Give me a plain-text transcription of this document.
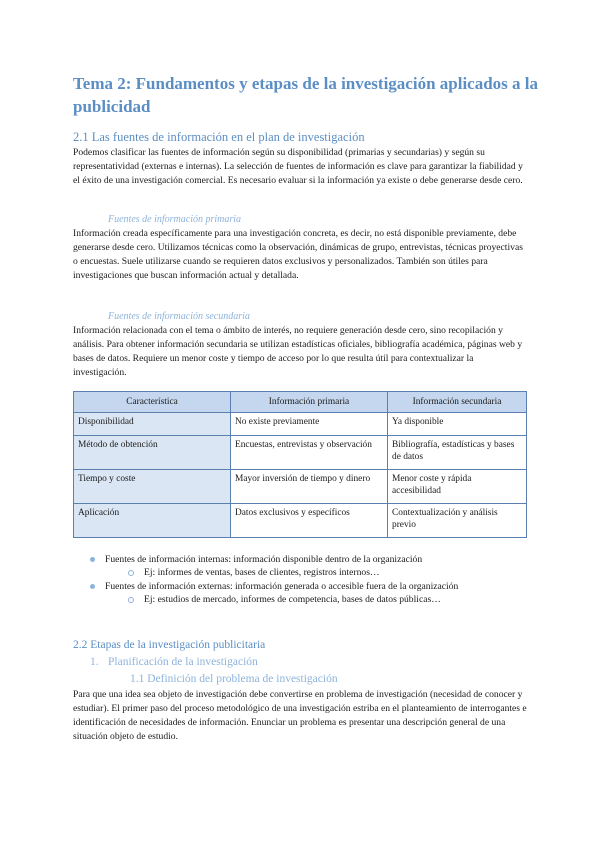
Tema 2: Fundamentos y etapas de la investigación aplicados a la publicidad
2.1 Las fuentes de información en el plan de investigación
Podemos clasificar las fuentes de información según su disponibilidad (primarias y secundarias) y según su representatividad (externas e internas). La selección de fuentes de información es clave para garantizar la fiabilidad y el éxito de una investigación comercial. Es necesario evaluar si la información ya existe o debe generarse desde cero.
Fuentes de información primaria
Información creada específicamente para una investigación concreta, es decir, no está disponible previamente, debe generarse desde cero. Utilizamos técnicas como la observación, dinámicas de grupo, entrevistas, técnicas proyectivas o encuestas. Suele utilizarse cuando se requieren datos exclusivos y personalizados. También son útiles para investigaciones que buscan información actual y detallada.
Fuentes de información secundaria
Información relacionada con el tema o ámbito de interés, no requiere generación desde cero, sino recopilación y análisis. Para obtener información secundaria se utilizan estadísticas oficiales, bibliografía académica, páginas web y bases de datos. Requiere un menor coste y tiempo de acceso por lo que resulta útil para contextualizar la investigación.
Característica	Información primaria	Información secundaria
Disponibilidad	No existe previamente	Ya disponible
Método de obtención	Encuestas, entrevistas y observación	Bibliografía, estadísticas y bases de datos
Tiempo y coste	Mayor inversión de tiempo y dinero	Menor coste y rápida accesibilidad
Aplicación	Datos exclusivos y específicos	Contextualización y análisis previo
Fuentes de información internas: información disponible dentro de la organización
Ej: informes de ventas, bases de clientes, registros internos…
Fuentes de información externas: información generada o accesible fuera de la organización
Ej: estudios de mercado, informes de competencia, bases de datos públicas…
2.2 Etapas de la investigación publicitaria
1. Planificación de la investigación
1.1 Definición del problema de investigación
Para que una idea sea objeto de investigación debe convertirse en problema de investigación (necesidad de conocer y estudiar). El primer paso del proceso metodológico de una investigación estriba en el planteamiento de interrogantes e identificación de necesidades de información. Enunciar un problema es presentar una descripción general de una situación objeto de estudio.
